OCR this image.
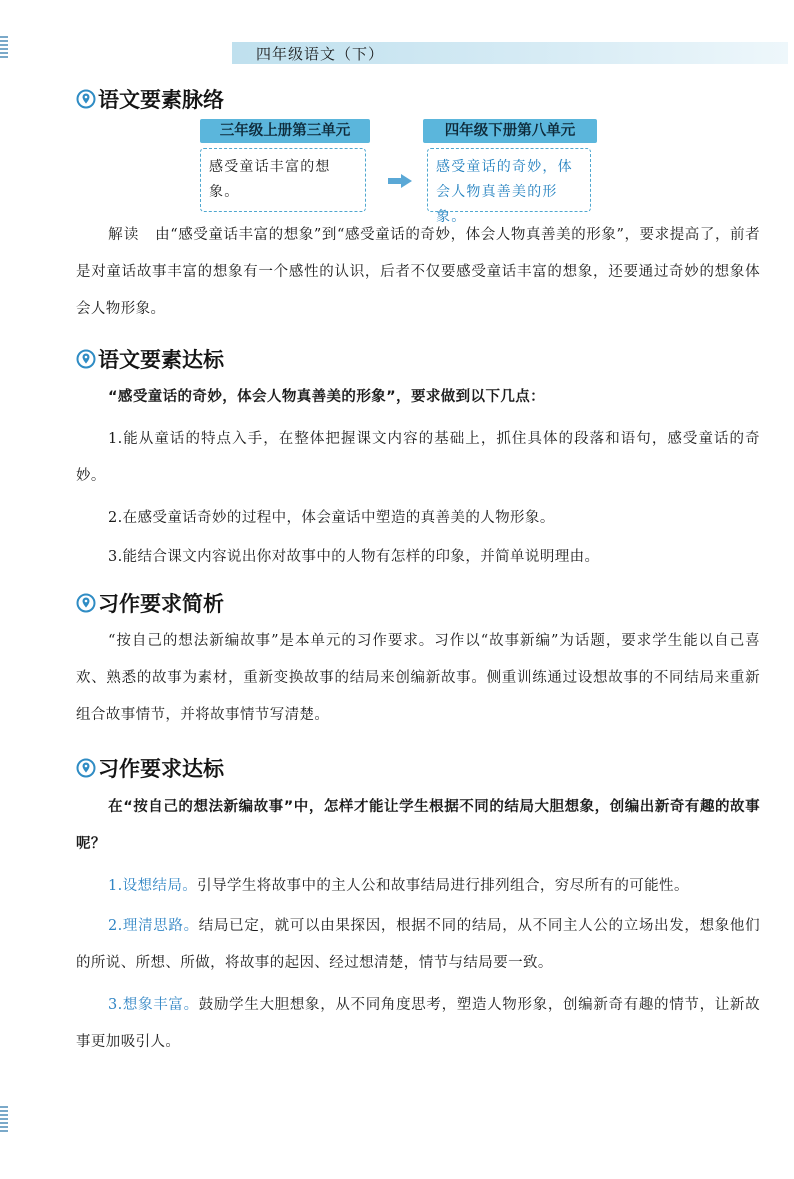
四年级语文（下）
语文要素脉络
三年级上册第三单元
感受童话丰富的想象。
四年级下册第八单元
感受童话的奇妙，体会人物真善美的形象。
解读 由“感受童话丰富的想象”到“感受童话的奇妙，体会人物真善美的形象”，要求提高了，前者是对童话故事丰富的想象有一个感性的认识，后者不仅要感受童话丰富的想象，还要通过奇妙的想象体会人物形象。
语文要素达标
“感受童话的奇妙，体会人物真善美的形象”，要求做到以下几点：
1.能从童话的特点入手，在整体把握课文内容的基础上，抓住具体的段落和语句，感受童话的奇妙。
2.在感受童话奇妙的过程中，体会童话中塑造的真善美的人物形象。
3.能结合课文内容说出你对故事中的人物有怎样的印象，并简单说明理由。
习作要求简析
“按自己的想法新编故事”是本单元的习作要求。习作以“故事新编”为话题，要求学生能以自己喜欢、熟悉的故事为素材，重新变换故事的结局来创编新故事。侧重训练通过设想故事的不同结局来重新组合故事情节，并将故事情节写清楚。
习作要求达标
在“按自己的想法新编故事”中，怎样才能让学生根据不同的结局大胆想象，创编出新奇有趣的故事呢？
1.设想结局。引导学生将故事中的主人公和故事结局进行排列组合，穷尽所有的可能性。
2.理清思路。结局已定，就可以由果探因，根据不同的结局，从不同主人公的立场出发，想象他们的所说、所想、所做，将故事的起因、经过想清楚，情节与结局要一致。
3.想象丰富。鼓励学生大胆想象，从不同角度思考，塑造人物形象，创编新奇有趣的情节，让新故事更加吸引人。
